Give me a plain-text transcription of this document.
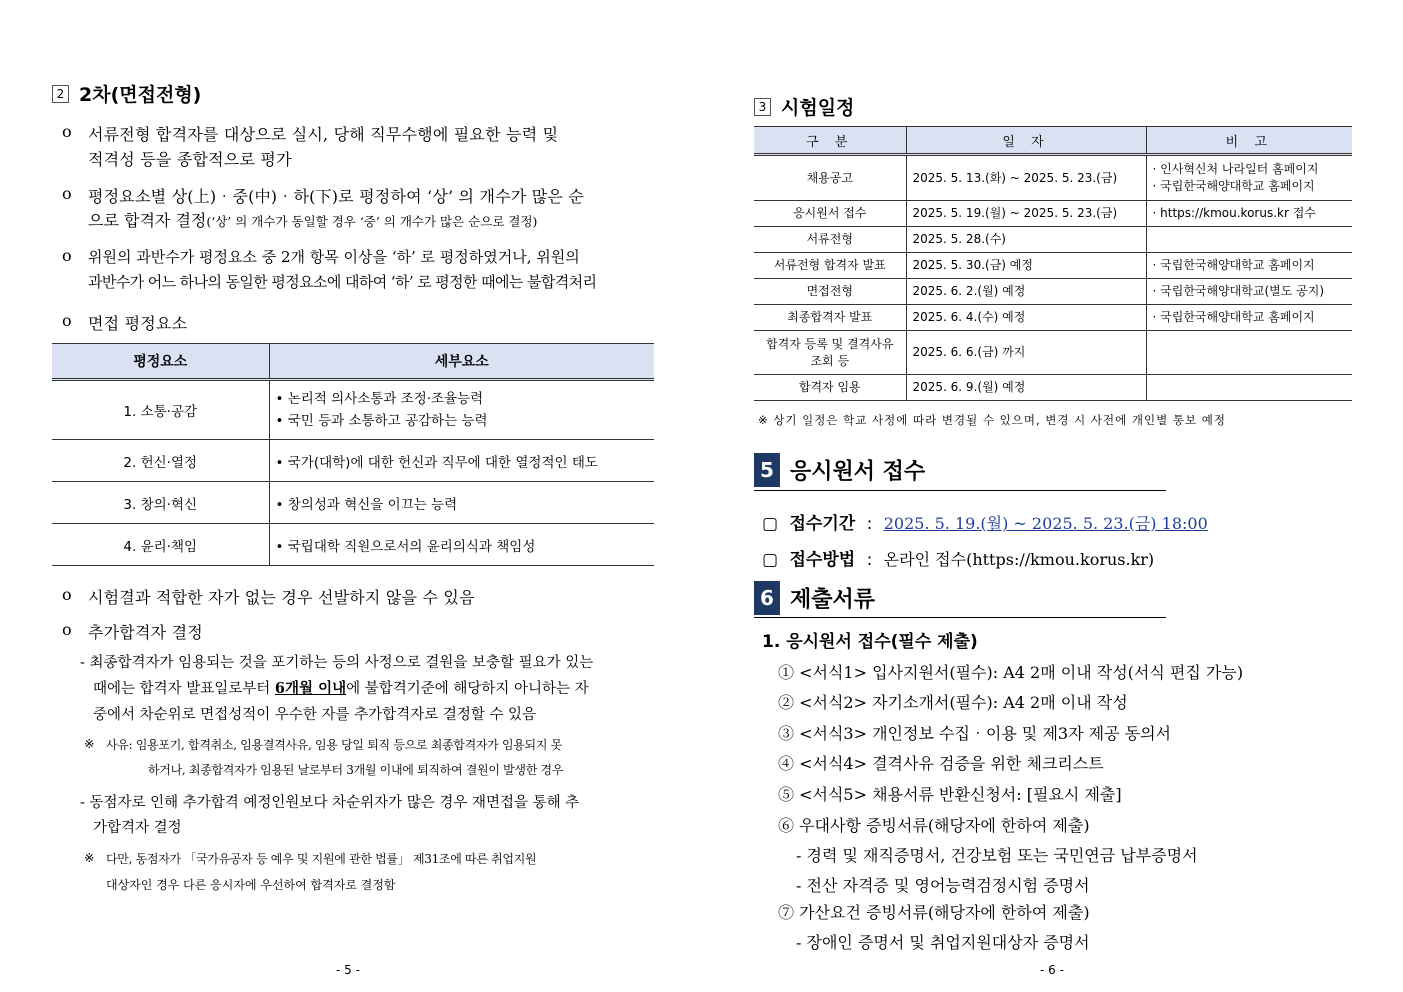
2 2차(면접전형)
o 서류전형 합격자를 대상으로 실시, 당해 직무수행에 필요한 능력 및
적격성 등을 종합적으로 평가
o 평정요소별 상(上)‧중(中)‧하(下)로 평정하여 ‘상’ 의 개수가 많은 순
으로 합격자 결정(‘상’ 의 개수가 동일할 경우 ‘중’ 의 개수가 많은 순으로 결정)
o 위원의 과반수가 평정요소 중 2개 항목 이상을 ‘하’ 로 평정하였거나, 위원의
과반수가 어느 하나의 동일한 평정요소에 대하여 ‘하’ 로 평정한 때에는 불합격처리
o 면접 평정요소
평정요소	세부요소
1. 소통‧공감	• 논리적 의사소통과 조정‧조율능력
• 국민 등과 소통하고 공감하는 능력

2. 헌신‧열정	• 국가(대학)에 대한 헌신과 직무에 대한 열정적인 태도
3. 창의‧혁신	• 창의성과 혁신을 이끄는 능력
4. 윤리‧책임	• 국립대학 직원으로서의 윤리의식과 책임성
o 시험결과 적합한 자가 없는 경우 선발하지 않을 수 있음
o 추가합격자 결정
- 최종합격자가 임용되는 것을 포기하는 등의 사정으로 결원을 보충할 필요가 있는
때에는 합격자 발표일로부터 6개월 이내에 불합격기준에 해당하지 아니하는 자
중에서 차순위로 면접성적이 우수한 자를 추가합격자로 결정할 수 있음
※ 사유: 임용포기, 합격취소, 임용결격사유, 임용 당일 퇴직 등으로 최종합격자가 임용되지 못
하거나, 최종합격자가 임용된 날로부터 3개월 이내에 퇴직하여 결원이 발생한 경우
- 동점자로 인해 추가합격 예정인원보다 차순위자가 많은 경우 재면접을 통해 추
가합격자 결정
※ 다만, 동점자가 「국가유공자 등 예우 및 지원에 관한 법률」 제31조에 따른 취업지원
대상자인 경우 다른 응시자에 우선하여 합격자로 결정함
- 5 -
3 시험일정
구 분	일 자	비 고
채용공고	2025. 5. 13.(화) ~ 2025. 5. 23.(금)	· 인사혁신처 나라일터 홈페이지
· 국립한국해양대학교 홈페이지

응시원서 접수	2025. 5. 19.(월) ~ 2025. 5. 23.(금)	· https://kmou.korus.kr 접수
서류전형	2025. 5. 28.(수)	
서류전형 합격자 발표	2025. 5. 30.(금) 예정	· 국립한국해양대학교 홈페이지
면접전형	2025. 6. 2.(월) 예정	· 국립한국해양대학교(별도 공지)
최종합격자 발표	2025. 6. 4.(수) 예정	· 국립한국해양대학교 홈페이지

합격자 등록 및 결격사유
조회 등	2025. 6. 6.(금) 까지	
합격자 임용	2025. 6. 9.(월) 예정	
※ 상기 일정은 학교 사정에 따라 변경될 수 있으며, 변경 시 사전에 개인별 통보 예정
5 응시원서 접수
▢ 접수기간 : 2025. 5. 19.(월) ~ 2025. 5. 23.(금) 18:00
▢ 접수방법 : 온라인 접수(https://kmou.korus.kr)
6 제출서류
1. 응시원서 접수(필수 제출)
① <서식1> 입사지원서(필수): A4 2매 이내 작성(서식 편집 가능)
② <서식2> 자기소개서(필수): A4 2매 이내 작성
③ <서식3> 개인정보 수집‧이용 및 제3자 제공 동의서
④ <서식4> 결격사유 검증을 위한 체크리스트
⑤ <서식5> 채용서류 반환신청서: [필요시 제출]
⑥ 우대사항 증빙서류(해당자에 한하여 제출)
- 경력 및 재직증명서, 건강보험 또는 국민연금 납부증명서
- 전산 자격증 및 영어능력검정시험 증명서
⑦ 가산요건 증빙서류(해당자에 한하여 제출)
- 장애인 증명서 및 취업지원대상자 증명서
- 6 -
